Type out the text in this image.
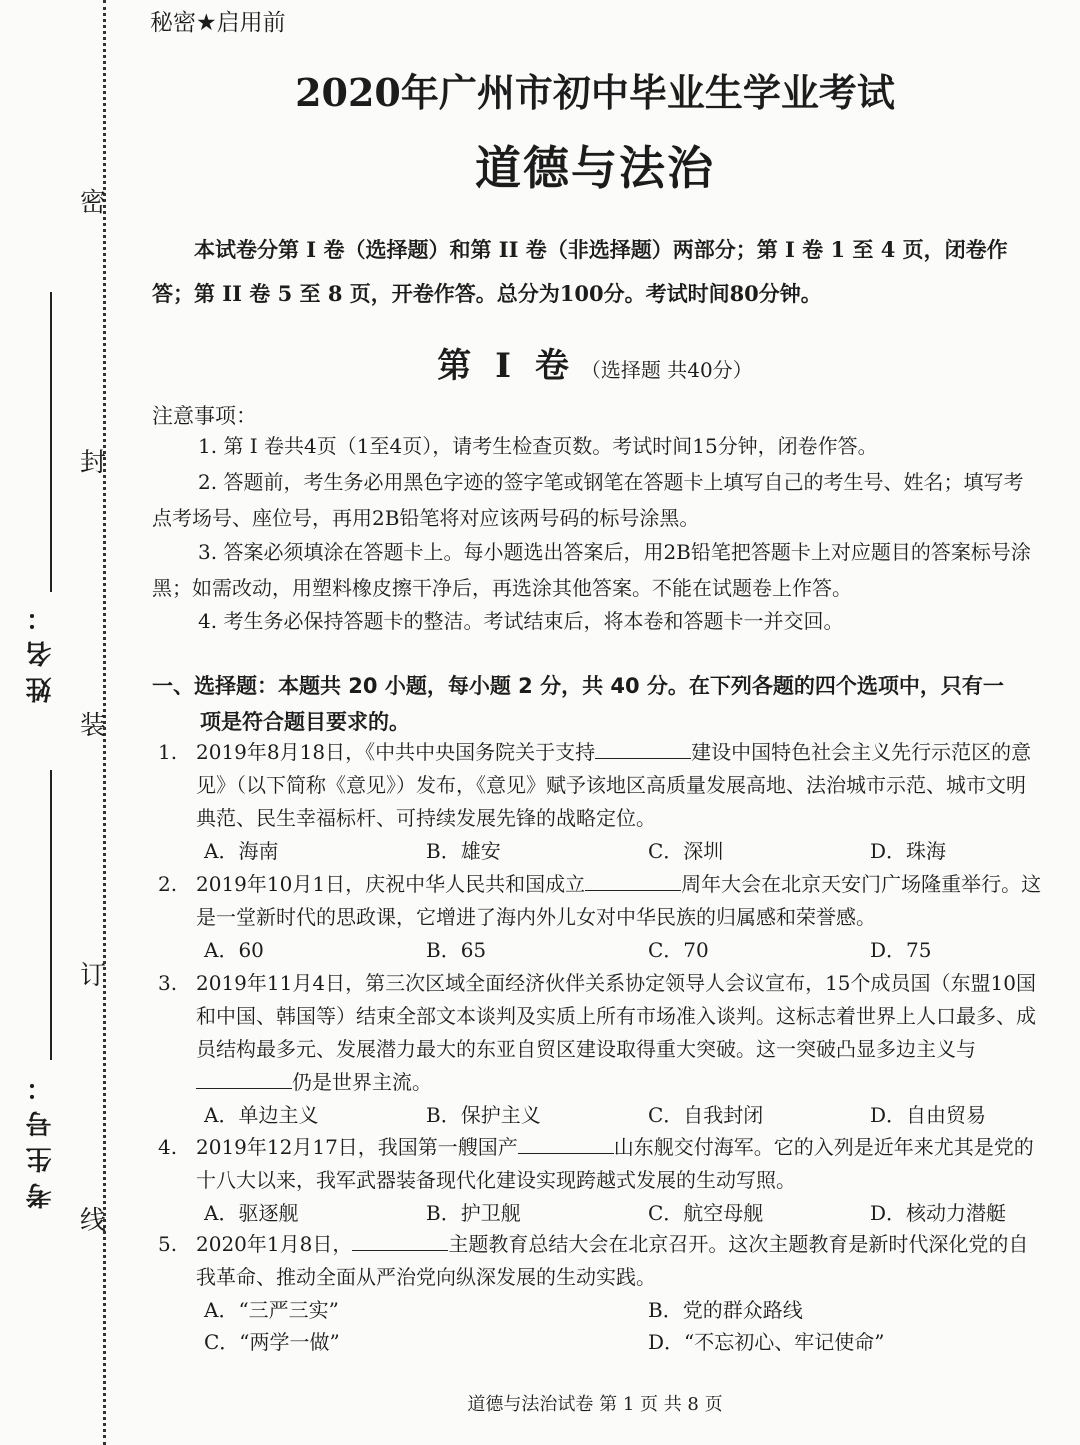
密
封
装
订
线
姓名：
考生号：
秘密★启用前
2020年广州市初中毕业生学业考试
道德与法治
本试卷分第 I 卷（选择题）和第 II 卷（非选择题）两部分；第 I 卷 1 至 4 页，闭卷作答；第 II 卷 5 至 8 页，开卷作答。总分为100分。考试时间80分钟。
第 I 卷 （选择题 共40分）
注意事项：
1. 第 I 卷共4页（1至4页），请考生检查页数。考试时间15分钟，闭卷作答。
2. 答题前，考生务必用黑色字迹的签字笔或钢笔在答题卡上填写自己的考生号、姓名；填写考点考场号、座位号，再用2B铅笔将对应该两号码的标号涂黑。
3. 答案必须填涂在答题卡上。每小题选出答案后，用2B铅笔把答题卡上对应题目的答案标号涂黑；如需改动，用塑料橡皮擦干净后，再选涂其他答案。不能在试题卷上作答。
4. 考生务必保持答题卡的整洁。考试结束后，将本卷和答题卡一并交回。
一、选择题：本题共 20 小题，每小题 2 分，共 40 分。在下列各题的四个选项中，只有一
项是符合题目要求的。
1. 2019年8月18日，《中共中央国务院关于支持	建设中国特色社会主义先行示范区的意见》（以下简称《意见》）发布，《意见》赋予该地区高质量发展高地、法治城市示范、城市文明典范、民生幸福标杆、可持续发展先锋的战略定位。
A．海南	B．雄安	C．深圳	D．珠海
2. 2019年10月1日，庆祝中华人民共和国成立	周年大会在北京天安门广场隆重举行。这是一堂新时代的思政课，它增进了海内外儿女对中华民族的归属感和荣誉感。
A．60	B．65	C．70	D．75
3. 2019年11月4日，第三次区域全面经济伙伴关系协定领导人会议宣布，15个成员国（东盟10国和中国、韩国等）结束全部文本谈判及实质上所有市场准入谈判。这标志着世界上人口最多、成员结构最多元、发展潜力最大的东亚自贸区建设取得重大突破。这一突破凸显多边主义与仍是世界主流。
A．单边主义	B．保护主义	C．自我封闭	D．自由贸易
4. 2019年12月17日，我国第一艘国产	山东舰交付海军。它的入列是近年来尤其是党的十八大以来，我军武器装备现代化建设实现跨越式发展的生动写照。
A．驱逐舰	B．护卫舰	C．航空母舰	D．核动力潜艇
5. 2020年1月8日，	主题教育总结大会在北京召开。这次主题教育是新时代深化党的自我革命、推动全面从严治党向纵深发展的生动实践。
A．“三严三实”	B．党的群众路线
C．“两学一做”	D．“不忘初心、牢记使命”
道德与法治试卷 第 1 页 共 8 页
